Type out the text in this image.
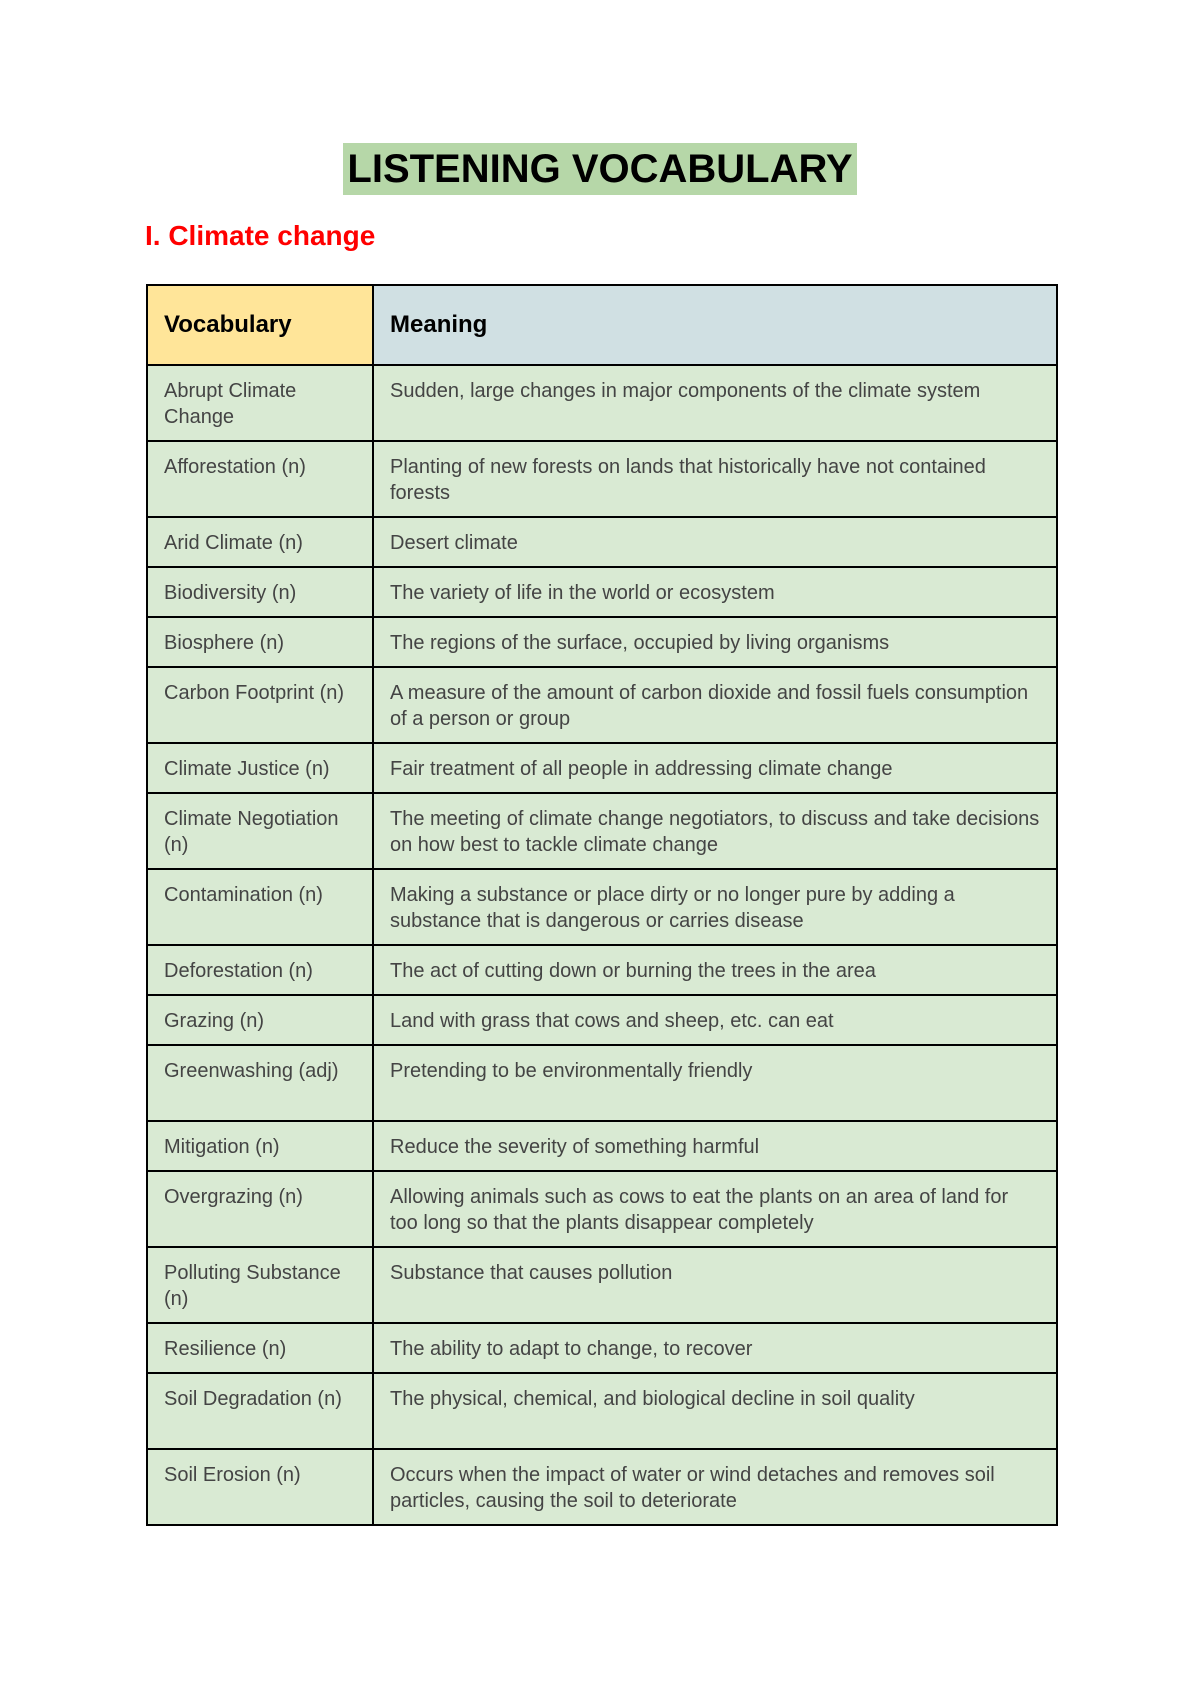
LISTENING VOCABULARY
I. Climate change
Vocabulary	Meaning
Abrupt Climate Change	Sudden, large changes in major components of the climate system
Afforestation (n)	Planting of new forests on lands that historically have not contained forests
Arid Climate (n)	Desert climate
Biodiversity (n)	The variety of life in the world or ecosystem
Biosphere (n)	The regions of the surface, occupied by living organisms
Carbon Footprint (n)	A measure of the amount of carbon dioxide and fossil fuels consumption of a person or group
Climate Justice (n)	Fair treatment of all people in addressing climate change
Climate Negotiation (n)	The meeting of climate change negotiators, to discuss and take decisions on how best to tackle climate change
Contamination (n)	Making a substance or place dirty or no longer pure by adding a substance that is dangerous or carries disease
Deforestation (n)	The act of cutting down or burning the trees in the area
Grazing (n)	Land with grass that cows and sheep, etc. can eat
Greenwashing (adj)	Pretending to be environmentally friendly
Mitigation (n)	Reduce the severity of something harmful
Overgrazing (n)	Allowing animals such as cows to eat the plants on an area of land for too long so that the plants disappear completely
Polluting Substance (n)	Substance that causes pollution
Resilience (n)	The ability to adapt to change, to recover
Soil Degradation (n)	The physical, chemical, and biological decline in soil quality
Soil Erosion (n)	Occurs when the impact of water or wind detaches and removes soil particles, causing the soil to deteriorate
